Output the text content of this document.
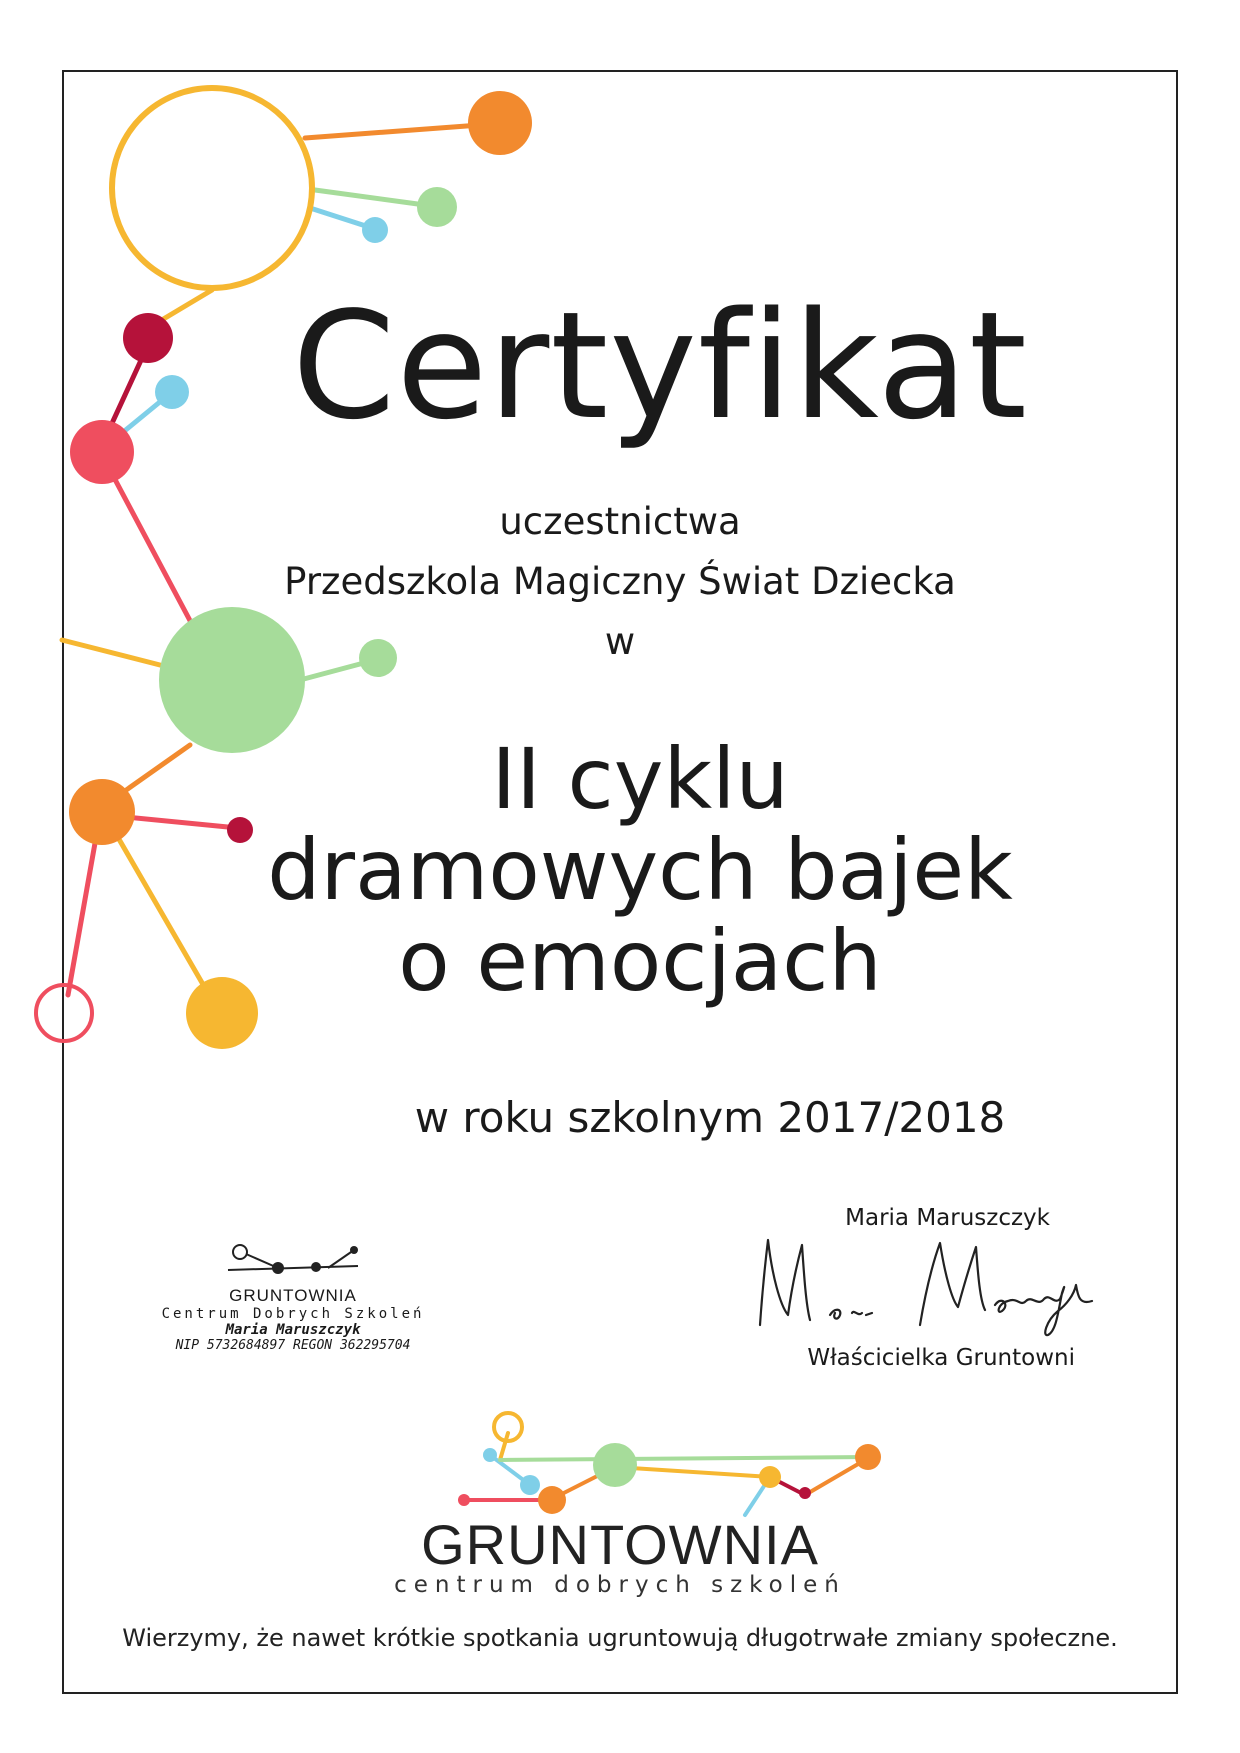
Certyfikat
uczestnictwa
Przedszkola Magiczny Świat Dziecka
w
II cyklu
dramowych bajek
o emocjach
w roku szkolnym 2017/2018
GRUNTOWNIA
Centrum Dobrych Szkoleń
Maria Maruszczyk
NIP 5732684897 REGON 362295704
Maria Maruszczyk
Właścicielka Gruntowni
GRUNTOWNIA
centrum dobrych szkoleń
Wierzymy, że nawet krótkie spotkania ugruntowują długotrwałe zmiany społeczne.
